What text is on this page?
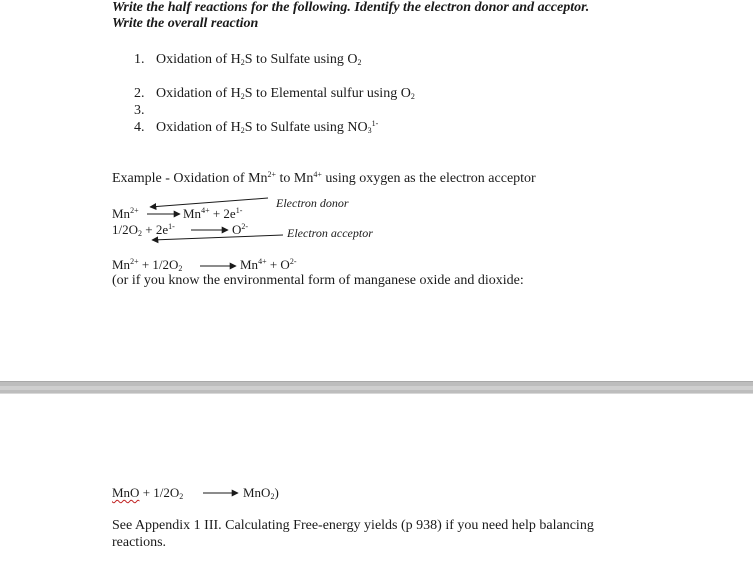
Write the half reactions for the following. Identify the electron donor and acceptor.
Write the overall reaction
1. Oxidation of $H_2S$ to Sulfate using $O_2$
2. Oxidation of $H_2S$ to Elemental sulfur using $O_2$
3.
4. Oxidation of $H_2S$ to Sulfate using $NO_3^{1-}$
Example - Oxidation of $Mn^{2+}$ to $Mn^{4+}$ using oxygen as the electron acceptor
Electron donor
Electron acceptor
$Mn^{2+}$	$Mn^{4+} + 2e^{1-}$
$1/2O_2 + 2e^{1-}$	$O^{2-}$
$Mn^{2+} + 1/2O_2$	$Mn^{4+} + O^{2-}$
(or if you know the environmental form of manganese oxide and dioxide:
MnO + $1/2O_2$	MnO$_2$)
See Appendix 1 III. Calculating Free-energy yields (p 938) if you need help balancing
reactions.
